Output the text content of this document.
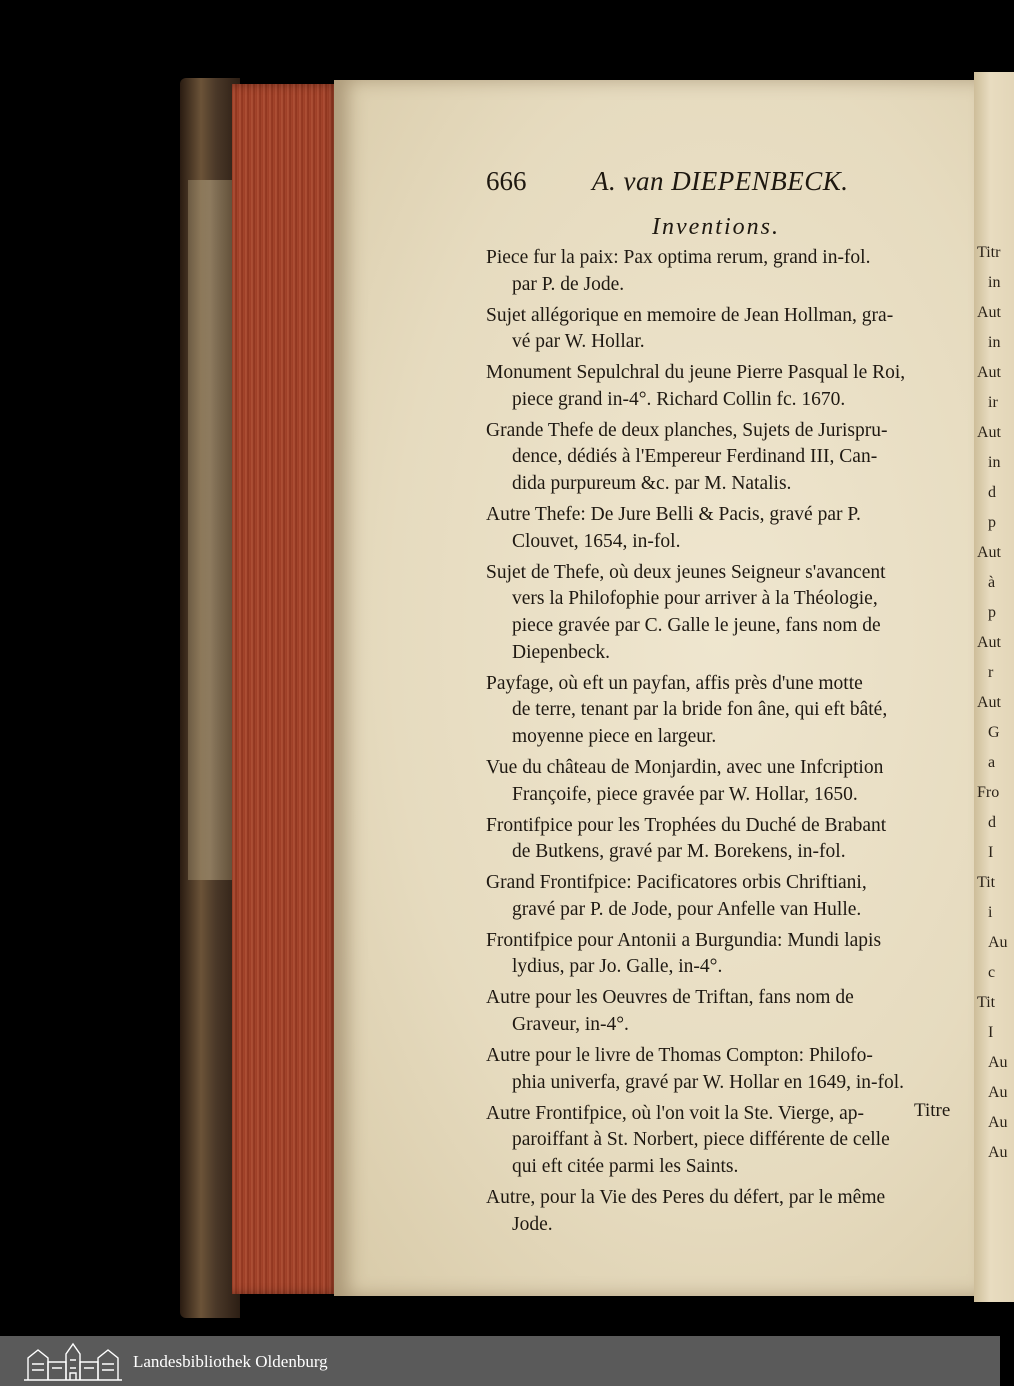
Titr
in
Aut
in
Aut
ir
Aut
in
d
p
Aut
à
p
Aut
r
Aut
G
a
Fro
d
I
Tit
i
Au
c
Tit
I
Au
Au
Au
Au
666 A. van DIEPENBECK.
Inventions.
Piece fur la paix: Pax optima rerum, grand in-fol.
par P. de Jode.
Sujet allégorique en memoire de Jean Hollman, gra-
vé par W. Hollar.
Monument Sepulchral du jeune Pierre Pasqual le Roi,
piece grand in-4°. Richard Collin fc. 1670.
Grande Thefe de deux planches, Sujets de Jurispru-
dence, dédiés à l'Empereur Ferdinand III, Can-
dida purpureum &c. par M. Natalis.
Autre Thefe: De Jure Belli & Pacis, gravé par P.
Clouvet, 1654, in-fol.
Sujet de Thefe, où deux jeunes Seigneur s'avancent
vers la Philofophie pour arriver à la Théologie,
piece gravée par C. Galle le jeune, fans nom de
Diepenbeck.
Payfage, où eft un payfan, affis près d'une motte
de terre, tenant par la bride fon âne, qui eft bâté,
moyenne piece en largeur.
Vue du château de Monjardin, avec une Infcription
Françoife, piece gravée par W. Hollar, 1650.
Frontifpice pour les Trophées du Duché de Brabant
de Butkens, gravé par M. Borekens, in-fol.
Grand Frontifpice: Pacificatores orbis Chriftiani,
gravé par P. de Jode, pour Anfelle van Hulle.
Frontifpice pour Antonii a Burgundia: Mundi lapis
lydius, par Jo. Galle, in-4°.
Autre pour les Oeuvres de Triftan, fans nom de
Graveur, in-4°.
Autre pour le livre de Thomas Compton: Philofo-
phia univerfa, gravé par W. Hollar en 1649, in-fol.
Autre Frontifpice, où l'on voit la Ste. Vierge, ap-
paroiffant à St. Norbert, piece différente de celle
qui eft citée parmi les Saints.
Autre, pour la Vie des Peres du défert, par le même
Jode.
Titre
Landesbibliothek Oldenburg
